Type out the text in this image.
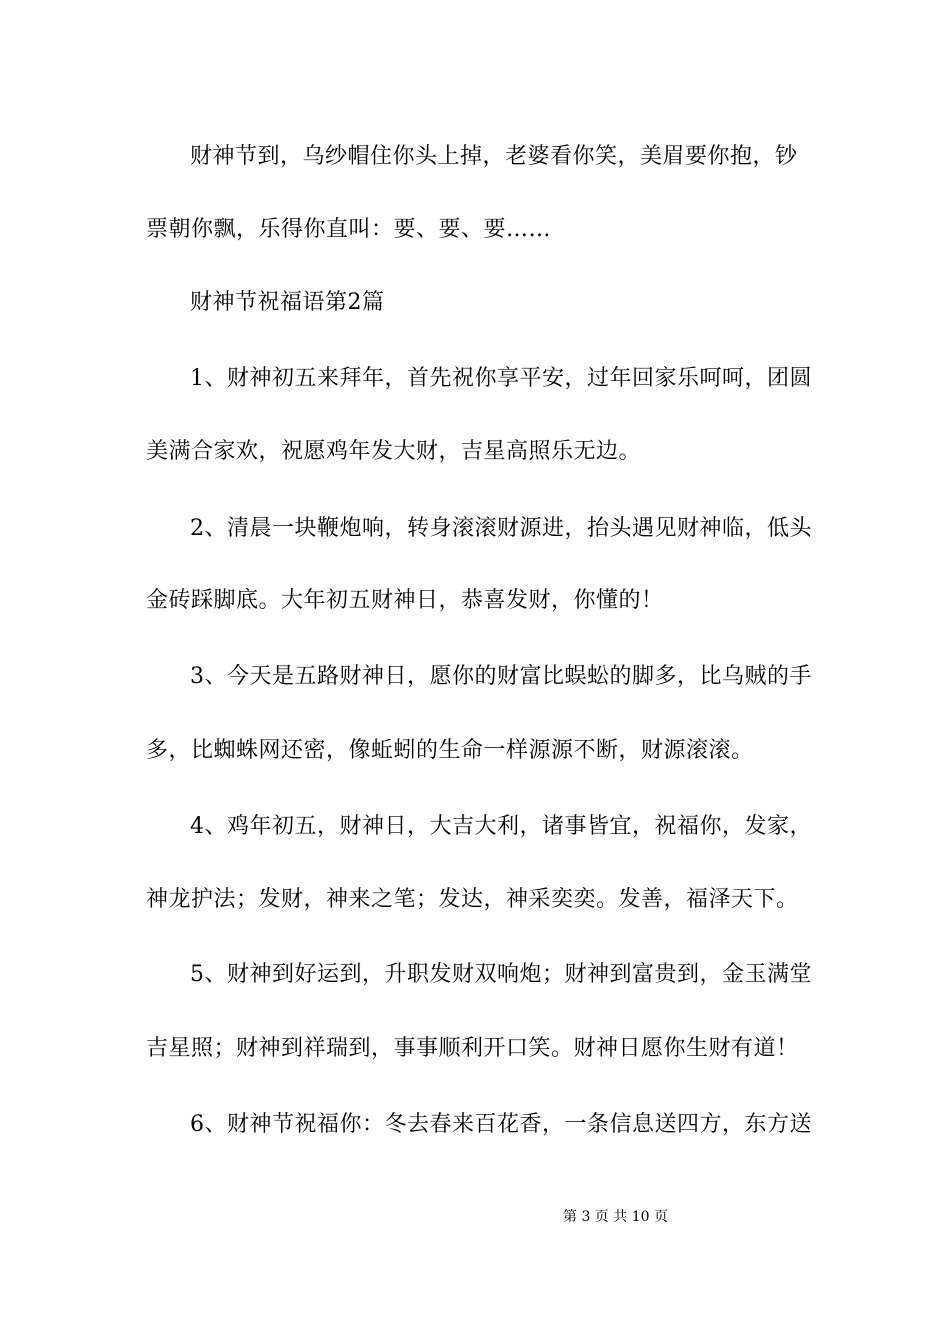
财神节到，乌纱帽住你头上掉，老婆看你笑，美眉要你抱，钞
票朝你飘，乐得你直叫：要、要、要……
财神节祝福语第2篇
1、财神初五来拜年，首先祝你享平安，过年回家乐呵呵，团圆
美满合家欢，祝愿鸡年发大财，吉星高照乐无边。
2、清晨一块鞭炮响，转身滚滚财源进，抬头遇见财神临，低头
金砖踩脚底。大年初五财神日，恭喜发财，你懂的！
3、今天是五路财神日，愿你的财富比蜈蚣的脚多，比乌贼的手
多，比蜘蛛网还密，像蚯蚓的生命一样源源不断，财源滚滚。
4、鸡年初五，财神日，大吉大利，诸事皆宜，祝福你，发家，
神龙护法；发财，神来之笔；发达，神采奕奕。发善，福泽天下。
5、财神到好运到，升职发财双响炮；财神到富贵到，金玉满堂
吉星照；财神到祥瑞到，事事顺利开口笑。财神日愿你生财有道！
6、财神节祝福你：冬去春来百花香，一条信息送四方，东方送
第 3 页 共 10 页
